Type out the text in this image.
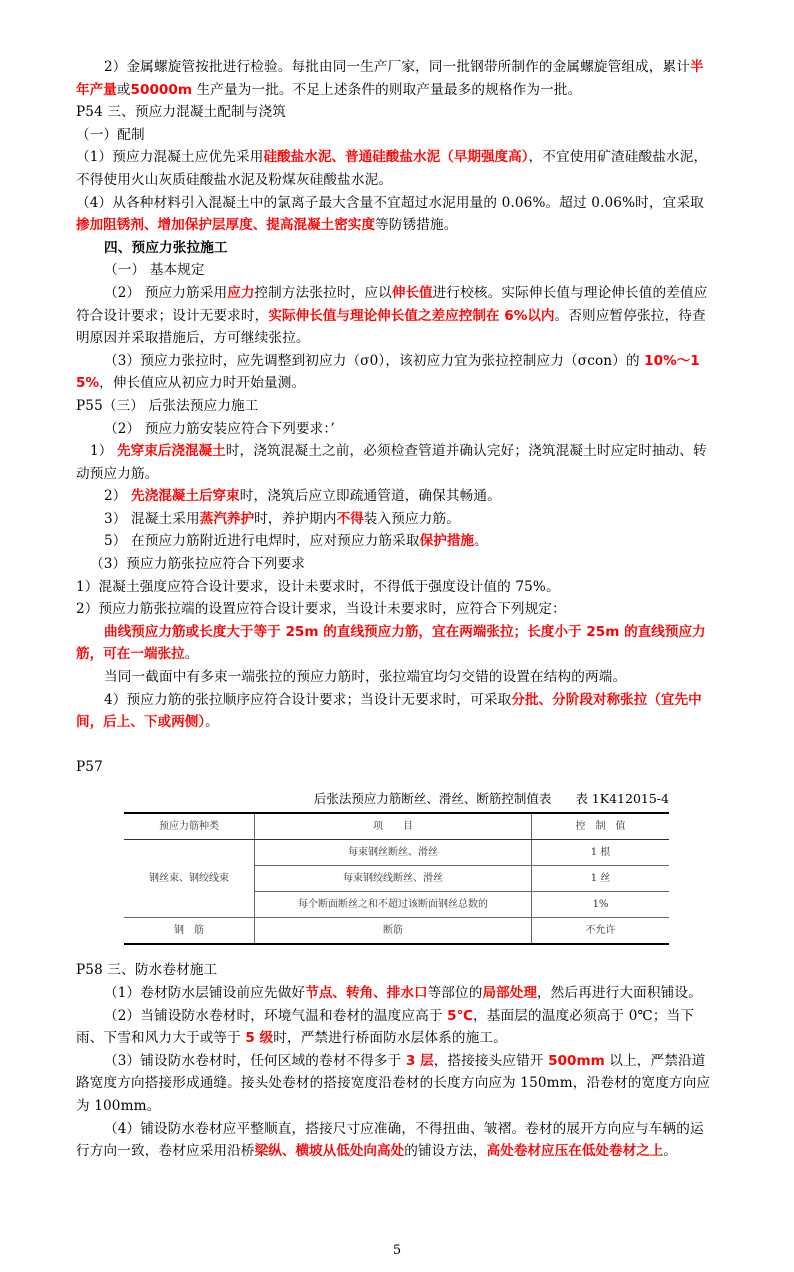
2）金属螺旋管按批进行检验。每批由同一生产厂家，同一批钢带所制作的金属螺旋管组成，累计半年产量或50000m 生产量为一批。不足上述条件的则取产量最多的规格作为一批。

P54 三、预应力混凝土配制与浇筑

（一）配制

（1）预应力混凝土应优先采用硅酸盐水泥、普通硅酸盐水泥（早期强度高），不宜使用矿渣硅酸盐水泥，不得使用火山灰质硅酸盐水泥及粉煤灰硅酸盐水泥。

（4）从各种材料引入混凝土中的氯离子最大含量不宜超过水泥用量的 0.06%。超过 0.06%时，宜采取掺加阻锈剂、增加保护层厚度、提高混凝土密实度等防锈措施。

四、预应力张拉施工

（一） 基本规定

（2） 预应力筋采用应力控制方法张拉时，应以伸长值进行校核。实际伸长值与理论伸长值的差值应符合设计要求；设计无要求时，实际伸长值与理论伸长值之差应控制在 6%以内。否则应暂停张拉，待查明原因并采取措施后，方可继续张拉。

（3）预应力张拉时，应先调整到初应力（σ0），该初应力宜为张拉控制应力（σcon）的 10%～15%，伸长值应从初应力时开始量测。

P55（三） 后张法预应力施工

（2） 预应力筋安装应符合下列要求：’

1） 先穿束后浇混凝土时，浇筑混凝土之前，必须检查管道并确认完好；浇筑混凝土时应定时抽动、转动预应力筋。

2） 先浇混凝土后穿束时，浇筑后应立即疏通管道，确保其畅通。

3） 混凝土采用蒸汽养护时，养护期内不得装入预应力筋。

5） 在预应力筋附近进行电焊时，应对预应力筋采取保护措施。

（3）预应力筋张拉应符合下列要求

1）混凝土强度应符合设计要求，设计未要求时，不得低于强度设计值的 75%。

2）预应力筋张拉端的设置应符合设计要求，当设计未要求时，应符合下列规定：

曲线预应力筋或长度大于等于 25m 的直线预应力筋，宜在两端张拉；长度小于 25m 的直线预应力筋，可在一端张拉。

当同一截面中有多束一端张拉的预应力筋时，张拉端宜均匀交错的设置在结构的两端。

4）预应力筋的张拉顺序应符合设计要求；当设计无要求时，可采取分批、分阶段对称张拉（宜先中间，后上、下或两侧）。

P57

后张法预应力筋断丝、滑丝、断筋控制值表 表 1K412015-4
预应力筋种类	项　　目	控　制　值
钢丝束、钢绞线束	每束钢丝断丝、滑丝	1 根
	每束钢绞线断丝、滑丝	1 丝
	每个断面断丝之和不超过该断面钢丝总数的	1%
钢　筋	断筋	不允许

P58 三、防水卷材施工

（1）卷材防水层铺设前应先做好节点、转角、排水口等部位的局部处理，然后再进行大面积铺设。

（2）当铺设防水卷材时，环境气温和卷材的温度应高于 5℃，基面层的温度必须高于 0℃；当下雨、下雪和风力大于或等于 5 级时，严禁进行桥面防水层体系的施工。

（3）铺设防水卷材时，任何区域的卷材不得多于 3 层，搭接接头应错开 500mm 以上，严禁沿道路宽度方向搭接形成通缝。接头处卷材的搭接宽度沿卷材的长度方向应为 150mm，沿卷材的宽度方向应为 100mm。

（4）铺设防水卷材应平整顺直，搭接尺寸应准确，不得扭曲、皱褶。卷材的展开方向应与车辆的运行方向一致，卷材应采用沿桥梁纵、横坡从低处向高处的铺设方法，高处卷材应压在低处卷材之上。

5
